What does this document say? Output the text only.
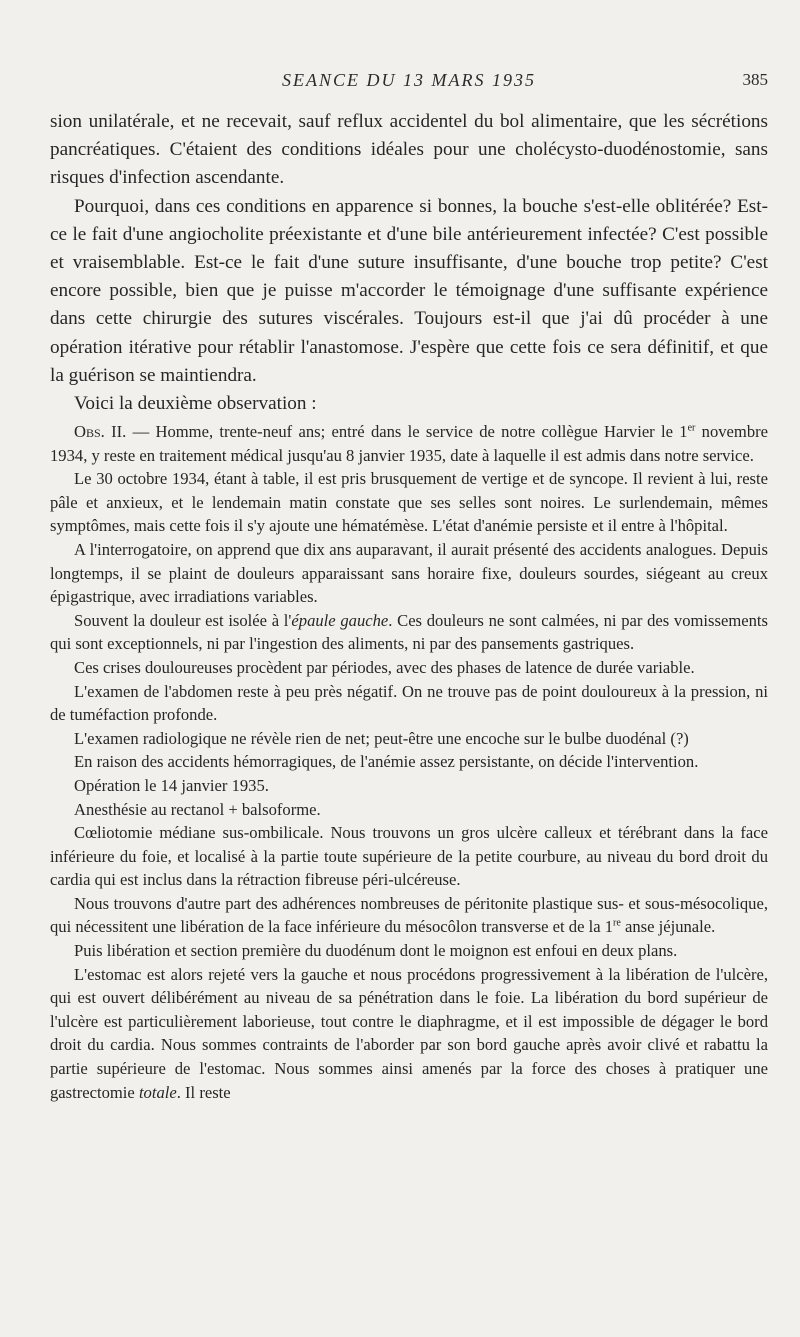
SEANCE DU 13 MARS 1935	385

sion unilatérale, et ne recevait, sauf reflux accidentel du bol alimentaire, que les sécrétions pancréatiques. C'étaient des conditions idéales pour une cholécysto-duodénostomie, sans risques d'infection ascendante.

Pourquoi, dans ces conditions en apparence si bonnes, la bouche s'est-elle oblitérée? Est-ce le fait d'une angiocholite préexistante et d'une bile antérieurement infectée? C'est possible et vraisemblable. Est-ce le fait d'une suture insuffisante, d'une bouche trop petite? C'est encore possible, bien que je puisse m'accorder le témoignage d'une suffisante expérience dans cette chirurgie des sutures viscérales. Toujours est-il que j'ai dû procéder à une opération itérative pour rétablir l'anastomose. J'espère que cette fois ce sera définitif, et que la guérison se maintiendra.

Voici la deuxième observation :

Obs. II. — Homme, trente-neuf ans; entré dans le service de notre collègue Harvier le 1er novembre 1934, y reste en traitement médical jusqu'au 8 janvier 1935, date à laquelle il est admis dans notre service.

Le 30 octobre 1934, étant à table, il est pris brusquement de vertige et de syncope. Il revient à lui, reste pâle et anxieux, et le lendemain matin constate que ses selles sont noires. Le surlendemain, mêmes symptômes, mais cette fois il s'y ajoute une hématémèse. L'état d'anémie persiste et il entre à l'hôpital.

A l'interrogatoire, on apprend que dix ans auparavant, il aurait présenté des accidents analogues. Depuis longtemps, il se plaint de douleurs apparaissant sans horaire fixe, douleurs sourdes, siégeant au creux épigastrique, avec irradiations variables.

Souvent la douleur est isolée à l'épaule gauche. Ces douleurs ne sont calmées, ni par des vomissements qui sont exceptionnels, ni par l'ingestion des aliments, ni par des pansements gastriques.

Ces crises douloureuses procèdent par périodes, avec des phases de latence de durée variable.

L'examen de l'abdomen reste à peu près négatif. On ne trouve pas de point douloureux à la pression, ni de tuméfaction profonde.

L'examen radiologique ne révèle rien de net; peut-être une encoche sur le bulbe duodénal (?)

En raison des accidents hémorragiques, de l'anémie assez persistante, on décide l'intervention.

Opération le 14 janvier 1935.

Anesthésie au rectanol + balsoforme.

Cœliotomie médiane sus-ombilicale. Nous trouvons un gros ulcère calleux et térébrant dans la face inférieure du foie, et localisé à la partie toute supérieure de la petite courbure, au niveau du bord droit du cardia qui est inclus dans la rétraction fibreuse péri-ulcéreuse.

Nous trouvons d'autre part des adhérences nombreuses de péritonite plastique sus- et sous-mésocolique, qui nécessitent une libération de la face inférieure du mésocôlon transverse et de la 1re anse jéjunale.

Puis libération et section première du duodénum dont le moignon est enfoui en deux plans.

L'estomac est alors rejeté vers la gauche et nous procédons progressivement à la libération de l'ulcère, qui est ouvert délibérément au niveau de sa pénétration dans le foie. La libération du bord supérieur de l'ulcère est particulièrement laborieuse, tout contre le diaphragme, et il est impossible de dégager le bord droit du cardia. Nous sommes contraints de l'aborder par son bord gauche après avoir clivé et rabattu la partie supérieure de l'estomac. Nous sommes ainsi amenés par la force des choses à pratiquer une gastrectomie totale. Il reste
